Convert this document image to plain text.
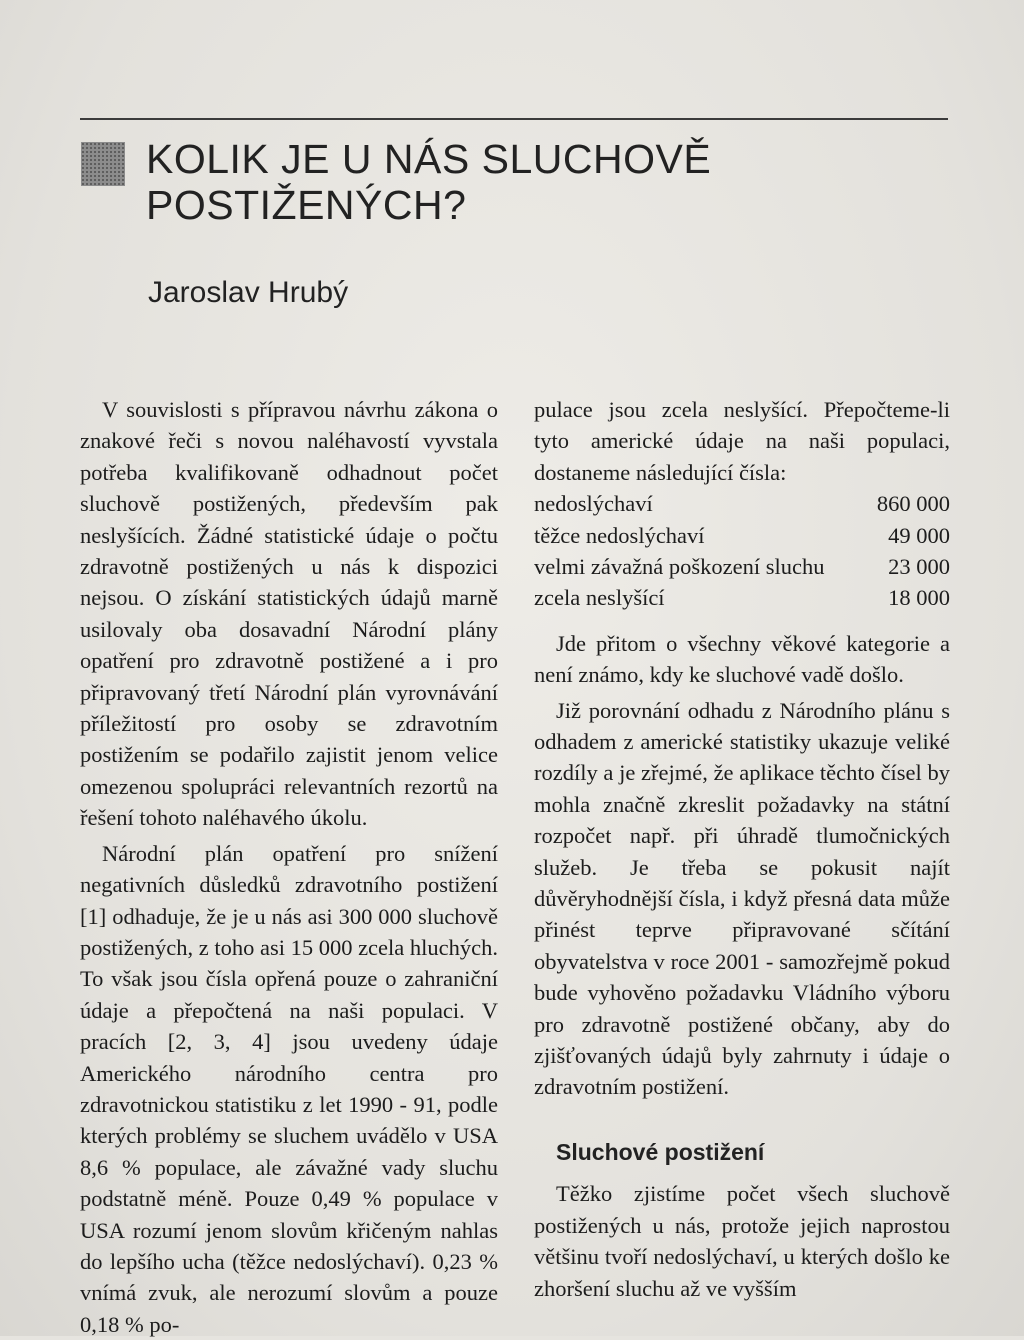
KOLIK JE U NÁS SLUCHOVĚ
POSTIŽENÝCH?
Jaroslav Hrubý

V souvislosti s přípravou návrhu zákona o znakové řeči s novou naléhavostí vyvstala potřeba kvalifikovaně odhadnout počet sluchově postižených, především pak neslyšících. Žádné statistické údaje o počtu zdravotně postižených u nás k dispozici nejsou. O získání statistických údajů marně usilovaly oba dosavadní Národní plány opatření pro zdravotně postižené a i pro připravovaný třetí Národní plán vyrovnávání příležitostí pro osoby se zdravotním postižením se podařilo zajistit jenom velice omezenou spolupráci relevantních rezortů na řešení tohoto naléhavého úkolu.

Národní plán opatření pro snížení negativních důsledků zdravotního postižení [1] odhaduje, že je u nás asi 300 000 sluchově postižených, z toho asi 15 000 zcela hluchých. To však jsou čísla opřená pouze o zahraniční údaje a přepočtená na naši populaci. V pracích [2, 3, 4] jsou uvedeny údaje Amerického národního centra pro zdravotnickou statistiku z let 1990 - 91, podle kterých problémy se sluchem uvádělo v USA 8,6 % populace, ale závažné vady sluchu podstatně méně. Pouze 0,49 % populace v USA rozumí jenom slovům křičeným nahlas do lepšího ucha (těžce nedoslýchaví). 0,23 % vnímá zvuk, ale nerozumí slovům a pouze 0,18 % po-

pulace jsou zcela neslyšící. Přepočteme-li tyto americké údaje na naši populaci, dostaneme následující čísla:

nedoslýchaví	860 000
těžce nedoslýchaví	49 000
velmi závažná poškození sluchu	23 000
zcela neslyšící	18 000

Jde přitom o všechny věkové kategorie a není známo, kdy ke sluchové vadě došlo.

Již porovnání odhadu z Národního plánu s odhadem z americké statistiky ukazuje veliké rozdíly a je zřejmé, že aplikace těchto čísel by mohla značně zkreslit požadavky na státní rozpočet např. při úhradě tlumočnických služeb. Je třeba se pokusit najít důvěryhodnější čísla, i když přesná data může přinést teprve připravované sčítání obyvatelstva v roce 2001 - samozřejmě pokud bude vyhověno požadavku Vládního výboru pro zdravotně postižené občany, aby do zjišťovaných údajů byly zahrnuty i údaje o zdravotním postižení.

Sluchové postižení

Těžko zjistíme počet všech sluchově postižených u nás, protože jejich naprostou většinu tvoří nedoslýchaví, u kterých došlo ke zhoršení sluchu až ve vyšším
